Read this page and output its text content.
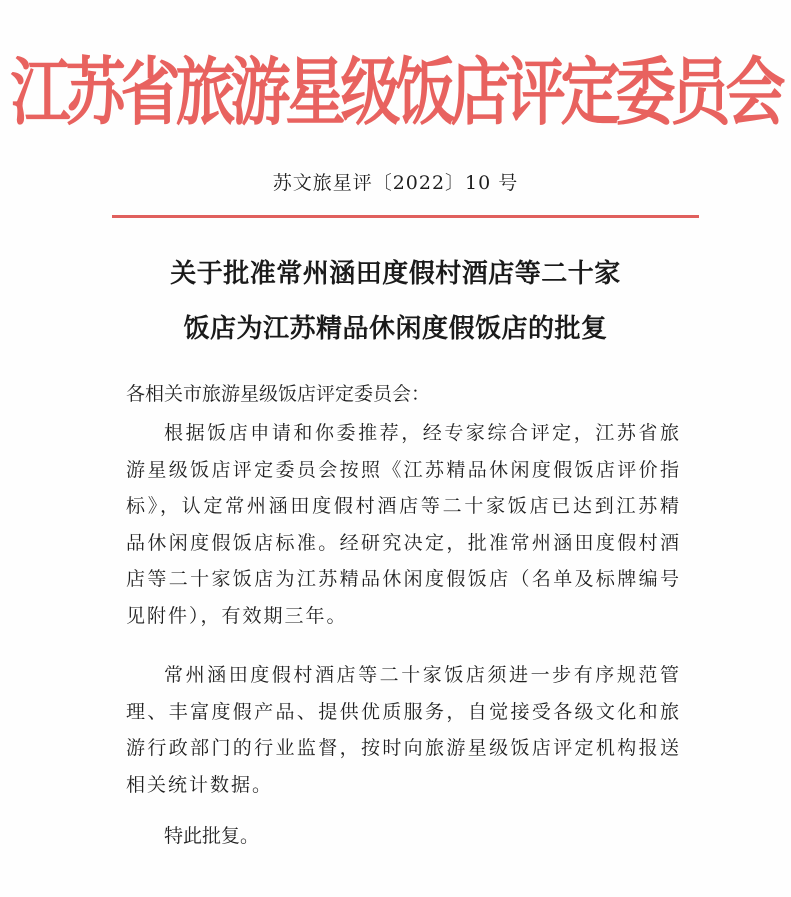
江苏省旅游星级饭店评定委员会
苏文旅星评〔2022〕10 号
关于批准常州涵田度假村酒店等二十家
饭店为江苏精品休闲度假饭店的批复
各相关市旅游星级饭店评定委员会：
根据饭店申请和你委推荐，经专家综合评定，江苏省旅游星级饭店评定委员会按照《江苏精品休闲度假饭店评价指标》，认定常州涵田度假村酒店等二十家饭店已达到江苏精品休闲度假饭店标准。经研究决定，批准常州涵田度假村酒店等二十家饭店为江苏精品休闲度假饭店（名单及标牌编号见附件），有效期三年。
常州涵田度假村酒店等二十家饭店须进一步有序规范管理、丰富度假产品、提供优质服务，自觉接受各级文化和旅游行政部门的行业监督，按时向旅游星级饭店评定机构报送相关统计数据。
特此批复。
